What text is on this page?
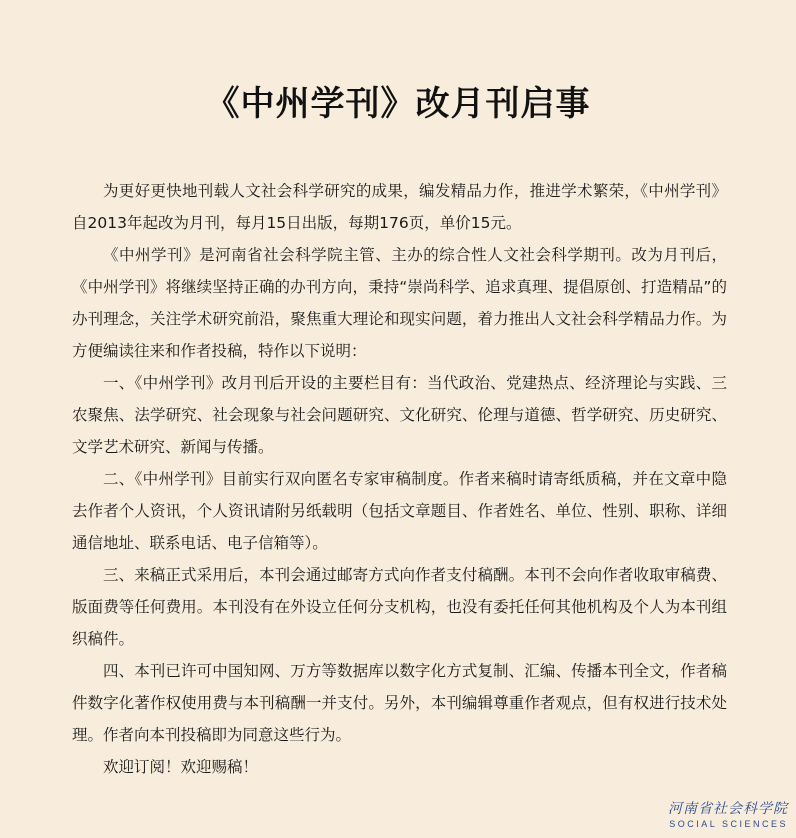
《中州学刊》改月刊启事

为更好更快地刊载人文社会科学研究的成果，编发精品力作，推进学术繁荣，《中州学刊》自2013年起改为月刊，每月15日出版，每期176页，单价15元。

《中州学刊》是河南省社会科学院主管、主办的综合性人文社会科学期刊。改为月刊后，《中州学刊》将继续坚持正确的办刊方向，秉持“崇尚科学、追求真理、提倡原创、打造精品”的办刊理念，关注学术研究前沿，聚焦重大理论和现实问题，着力推出人文社会科学精品力作。为方便编读往来和作者投稿，特作以下说明：

一、《中州学刊》改月刊后开设的主要栏目有：当代政治、党建热点、经济理论与实践、三农聚焦、法学研究、社会现象与社会问题研究、文化研究、伦理与道德、哲学研究、历史研究、文学艺术研究、新闻与传播。

二、《中州学刊》目前实行双向匿名专家审稿制度。作者来稿时请寄纸质稿，并在文章中隐去作者个人资讯，个人资讯请附另纸载明（包括文章题目、作者姓名、单位、性别、职称、详细通信地址、联系电话、电子信箱等）。

三、来稿正式采用后，本刊会通过邮寄方式向作者支付稿酬。本刊不会向作者收取审稿费、版面费等任何费用。本刊没有在外设立任何分支机构，也没有委托任何其他机构及个人为本刊组织稿件。

四、本刊已许可中国知网、万方等数据库以数字化方式复制、汇编、传播本刊全文，作者稿件数字化著作权使用费与本刊稿酬一并支付。另外，本刊编辑尊重作者观点，但有权进行技术处理。作者向本刊投稿即为同意这些行为。

欢迎订阅！欢迎赐稿！

河南省社会科学院
SOCIAL SCIENCES
